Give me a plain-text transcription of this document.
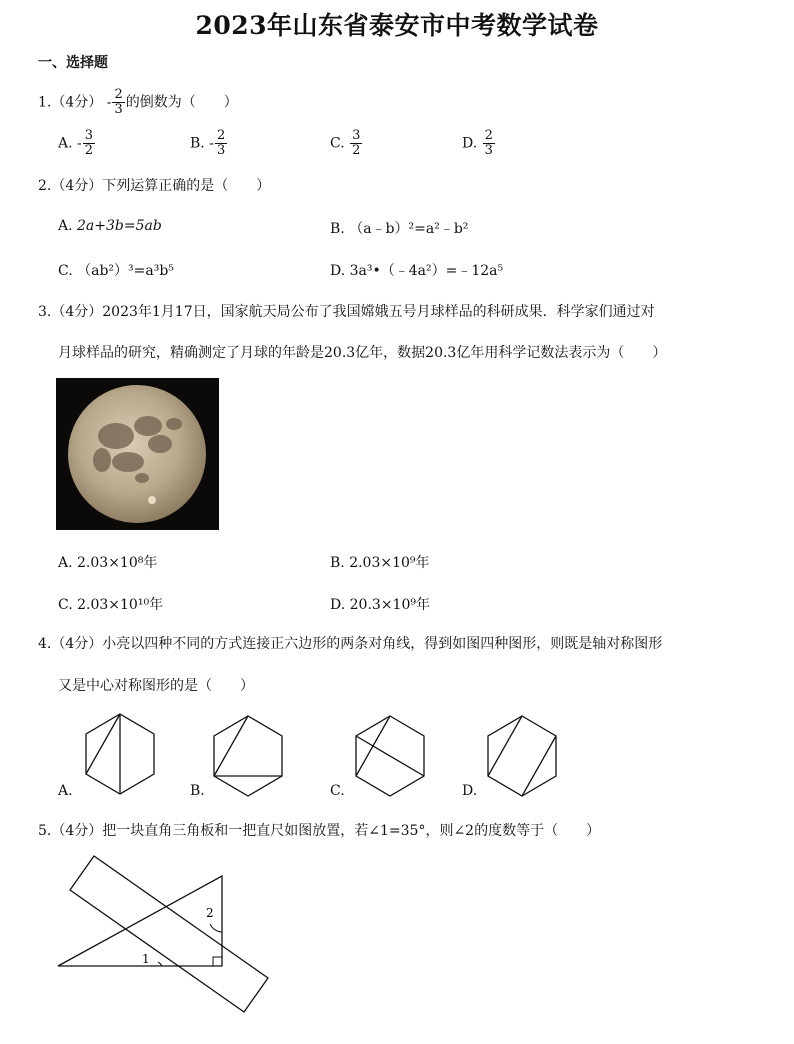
2023年山东省泰安市中考数学试卷
一、选择题
1.（4分） - $\frac{2}{3}$ 的倒数为（　　）
A. - $\frac{3}{2}$	B. - $\frac{2}{3}$	C. $\frac{3}{2}$	D. $\frac{2}{3}$
2.（4分）下列运算正确的是（　　）
A. 2a+3b=5ab	B. （a﹣b）²=a²﹣b²
C. （ab²）³=a³b⁵	D. 3a³•（﹣4a²）=﹣12a⁵
3.（4分）2023年1月17日，国家航天局公布了我国嫦娥五号月球样品的科研成果．科学家们通过对
月球样品的研究，精确测定了月球的年龄是20.3亿年，数据20.3亿年用科学记数法表示为（　　）
A. 2.03×10⁸年	B. 2.03×10⁹年
C. 2.03×10¹⁰年	D. 20.3×10⁹年
4.（4分）小亮以四种不同的方式连接正六边形的两条对角线，得到如图四种图形，则既是轴对称图形
又是中心对称图形的是（　　）
A.	B.	C.	D.
5.（4分）把一块直角三角板和一把直尺如图放置，若∠1=35°，则∠2的度数等于（　　）
1
2
